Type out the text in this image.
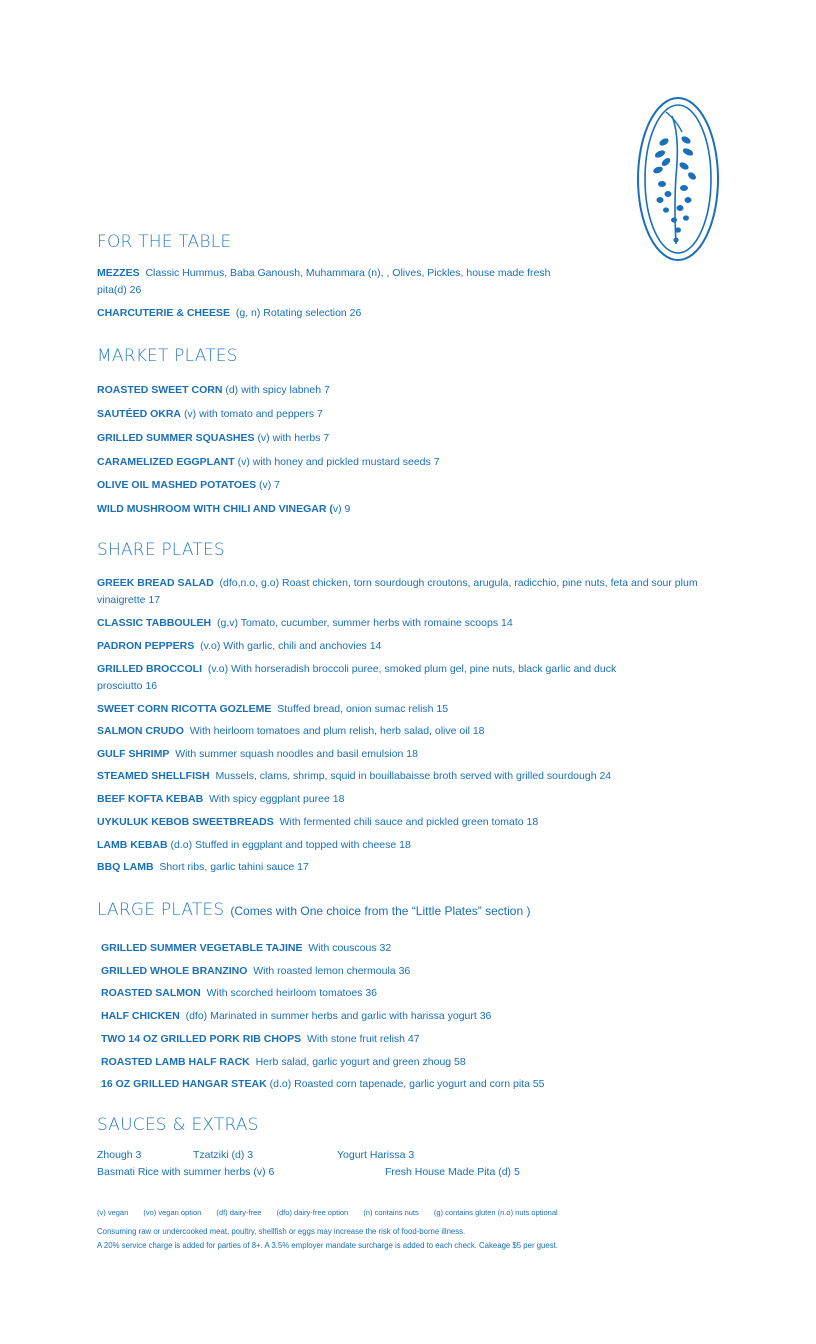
FOR THE TABLE

MEZZES Classic Hummus, Baba Ganoush, Muhammara (n), , Olives, Pickles, house made fresh pita(d) 26

CHARCUTERIE & CHEESE (g, n) Rotating selection 26

MARKET PLATES

ROASTED SWEET CORN (d) with spicy labneh 7

SAUTÉED OKRA (v) with tomato and peppers 7

GRILLED SUMMER SQUASHES (v) with herbs 7

CARAMELIZED EGGPLANT (v) with honey and pickled mustard seeds 7

OLIVE OIL MASHED POTATOES (v) 7

WILD MUSHROOM WITH CHILI AND VINEGAR (v) 9

SHARE PLATES

GREEK BREAD SALAD (dfo,n.o, g.o) Roast chicken, torn sourdough croutons, arugula, radicchio, pine nuts, feta and sour plum vinaigrette 17

CLASSIC TABBOULEH (g,v) Tomato, cucumber, summer herbs with romaine scoops 14

PADRON PEPPERS (v.o) With garlic, chili and anchovies 14

GRILLED BROCCOLI (v.o) With horseradish broccoli puree, smoked plum gel, pine nuts, black garlic and duck prosciutto 16

SWEET CORN RICOTTA GOZLEME Stuffed bread, onion sumac relish 15

SALMON CRUDO With heirloom tomatoes and plum relish, herb salad, olive oil 18

GULF SHRIMP With summer squash noodles and basil emulsion 18

STEAMED SHELLFISH Mussels, clams, shrimp, squid in bouillabaisse broth served with grilled sourdough 24

BEEF KOFTA KEBAB With spicy eggplant puree 18

UYKULUK KEBOB SWEETBREADS With fermented chili sauce and pickled green tomato 18

LAMB KEBAB (d.o) Stuffed in eggplant and topped with cheese 18

BBQ LAMB Short ribs, garlic tahini sauce 17

LARGE PLATES (Comes with One choice from the “Little Plates” section )

GRILLED SUMMER VEGETABLE TAJINE With couscous 32

GRILLED WHOLE BRANZINO With roasted lemon chermoula 36

ROASTED SALMON With scorched heirloom tomatoes 36

HALF CHICKEN (dfo) Marinated in summer herbs and garlic with harissa yogurt 36

TWO 14 OZ GRILLED PORK RIB CHOPS With stone fruit relish 47

ROASTED LAMB HALF RACK Herb salad, garlic yogurt and green zhoug 58

16 OZ GRILLED HANGAR STEAK (d.o) Roasted corn tapenade, garlic yogurt and corn pita 55

SAUCES & EXTRAS
Zhough 3	Tzatziki (d) 3	Yogurt Harissa 3
Basmati Rice with summer herbs (v) 6	Fresh House Made Pita (d) 5
(v) vegan (vo) vegan option (df) dairy-free (dfo) dairy-free option (n) contains nuts (g) contains gluten (n.o) nuts optional
Consuming raw or undercooked meat, poultry, shellfish or eggs may increase the risk of food-borne illness.
A 20% service charge is added for parties of 8+. A 3.5% employer mandate surcharge is added to each check. Cakeage $5 per guest.
